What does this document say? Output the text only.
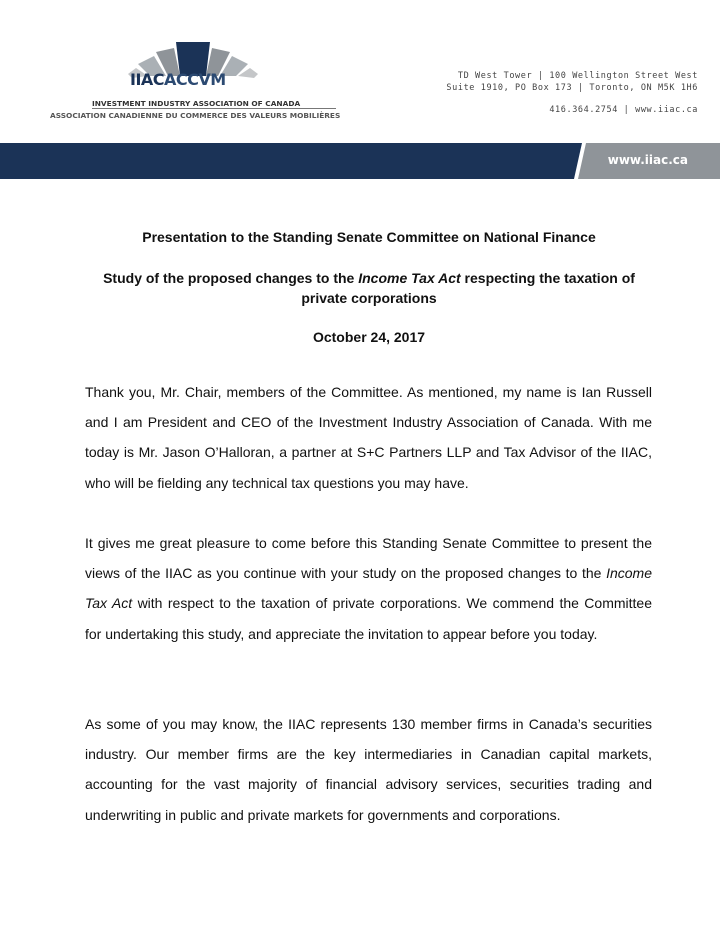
IIACACCVM
INVESTMENT INDUSTRY ASSOCIATION OF CANADA
ASSOCIATION CANADIENNE DU COMMERCE DES VALEURS MOBILIÈRES
TD West Tower | 100 Wellington Street West
Suite 1910, PO Box 173 | Toronto, ON M5K 1H6
416.364.2754 | www.iiac.ca
www.iiac.ca
Presentation to the Standing Senate Committee on National Finance
Study of the proposed changes to the Income Tax Act respecting the taxation of private corporations
October 24, 2017
Thank you, Mr. Chair, members of the Committee. As mentioned, my name is Ian Russell and I am President and CEO of the Investment Industry Association of Canada. With me today is Mr. Jason O’Halloran, a partner at S+C Partners LLP and Tax Advisor of the IIAC, who will be fielding any technical tax questions you may have.
It gives me great pleasure to come before this Standing Senate Committee to present the views of the IIAC as you continue with your study on the proposed changes to the Income Tax Act with respect to the taxation of private corporations. We commend the Committee for undertaking this study, and appreciate the invitation to appear before you today.
As some of you may know, the IIAC represents 130 member firms in Canada’s securities industry. Our member firms are the key intermediaries in Canadian capital markets, accounting for the vast majority of financial advisory services, securities trading and underwriting in public and private markets for governments and corporations.
